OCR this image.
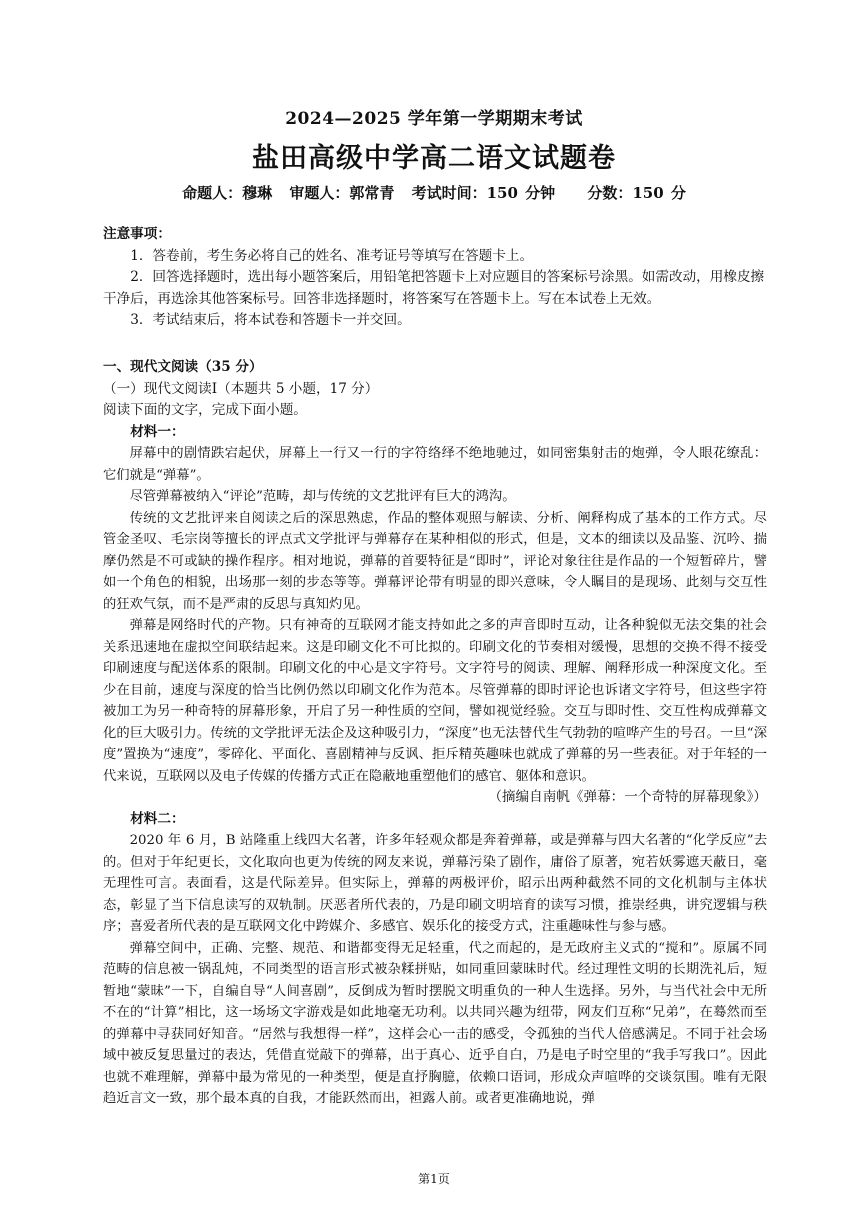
2024—2025 学年第一学期期末考试
盐田高级中学高二语文试题卷
命题人：穆琳 审题人：郭常青 考试时间：150 分钟 分数：150 分

注意事项：

1．答卷前，考生务必将自己的姓名、准考证号等填写在答题卡上。

2．回答选择题时，选出每小题答案后，用铅笔把答题卡上对应题目的答案标号涂黑。如需改动，用橡皮擦干净后，再选涂其他答案标号。回答非选择题时，将答案写在答题卡上。写在本试卷上无效。

3．考试结束后，将本试卷和答题卡一并交回。

一、现代文阅读（35 分）

（一）现代文阅读Ⅰ（本题共 5 小题，17 分）

阅读下面的文字，完成下面小题。

材料一：

屏幕中的剧情跌宕起伏，屏幕上一行又一行的字符络绎不绝地驰过，如同密集射击的炮弹，令人眼花缭乱：它们就是“弹幕”。

尽管弹幕被纳入“评论”范畴，却与传统的文艺批评有巨大的鸿沟。

传统的文艺批评来自阅读之后的深思熟虑，作品的整体观照与解读、分析、阐释构成了基本的工作方式。尽管金圣叹、毛宗岗等擅长的评点式文学批评与弹幕存在某种相似的形式，但是，文本的细读以及品鉴、沉吟、揣摩仍然是不可或缺的操作程序。相对地说，弹幕的首要特征是“即时”，评论对象往往是作品的一个短暂碎片，譬如一个角色的相貌，出场那一刻的步态等等。弹幕评论带有明显的即兴意味，令人瞩目的是现场、此刻与交互性的狂欢气氛，而不是严肃的反思与真知灼见。

弹幕是网络时代的产物。只有神奇的互联网才能支持如此之多的声音即时互动，让各种貌似无法交集的社会关系迅速地在虚拟空间联结起来。这是印刷文化不可比拟的。印刷文化的节奏相对缓慢，思想的交换不得不接受印刷速度与配送体系的限制。印刷文化的中心是文字符号。文字符号的阅读、理解、阐释形成一种深度文化。至少在目前，速度与深度的恰当比例仍然以印刷文化作为范本。尽管弹幕的即时评论也诉诸文字符号，但这些字符被加工为另一种奇特的屏幕形象，开启了另一种性质的空间，譬如视觉经验。交互与即时性、交互性构成弹幕文化的巨大吸引力。传统的文学批评无法企及这种吸引力，“深度”也无法替代生气勃勃的喧哗产生的号召。一旦“深度”置换为“速度”，零碎化、平面化、喜剧精神与反讽、拒斥精英趣味也就成了弹幕的另一些表征。对于年轻的一代来说，互联网以及电子传媒的传播方式正在隐蔽地重塑他们的感官、躯体和意识。

（摘编自南帆《弹幕：一个奇特的屏幕现象》）

材料二：

2020 年 6 月，B 站隆重上线四大名著，许多年轻观众都是奔着弹幕，或是弹幕与四大名著的“化学反应”去的。但对于年纪更长，文化取向也更为传统的网友来说，弹幕污染了剧作，庸俗了原著，宛若妖雾遮天蔽日，毫无理性可言。表面看，这是代际差异。但实际上，弹幕的两极评价，昭示出两种截然不同的文化机制与主体状态，彰显了当下信息读写的双轨制。厌恶者所代表的，乃是印刷文明培育的读写习惯，推崇经典，讲究逻辑与秩序；喜爱者所代表的是互联网文化中跨媒介、多感官、娱乐化的接受方式，注重趣味性与参与感。

弹幕空间中，正确、完整、规范、和谐都变得无足轻重，代之而起的，是无政府主义式的“搅和”。原属不同范畴的信息被一锅乱炖，不同类型的语言形式被杂糅拼贴，如同重回蒙昧时代。经过理性文明的长期洗礼后，短暂地“蒙昧”一下，自编自导“人间喜剧”，反倒成为暂时摆脱文明重负的一种人生选择。另外，与当代社会中无所不在的“计算”相比，这一场场文字游戏是如此地毫无功利。以共同兴趣为纽带，网友们互称“兄弟”，在蓦然而至的弹幕中寻获同好知音。“居然与我想得一样”，这样会心一击的感受，令孤独的当代人倍感满足。不同于社会场域中被反复思量过的表达，凭借直觉敲下的弹幕，出于真心、近乎自白，乃是电子时空里的“我手写我口”。因此也就不难理解，弹幕中最为常见的一种类型，便是直抒胸臆，依赖口语词，形成众声喧哗的交谈氛围。唯有无限趋近言文一致，那个最本真的自我，才能跃然而出，袒露人前。或者更准确地说，弹

第1页
